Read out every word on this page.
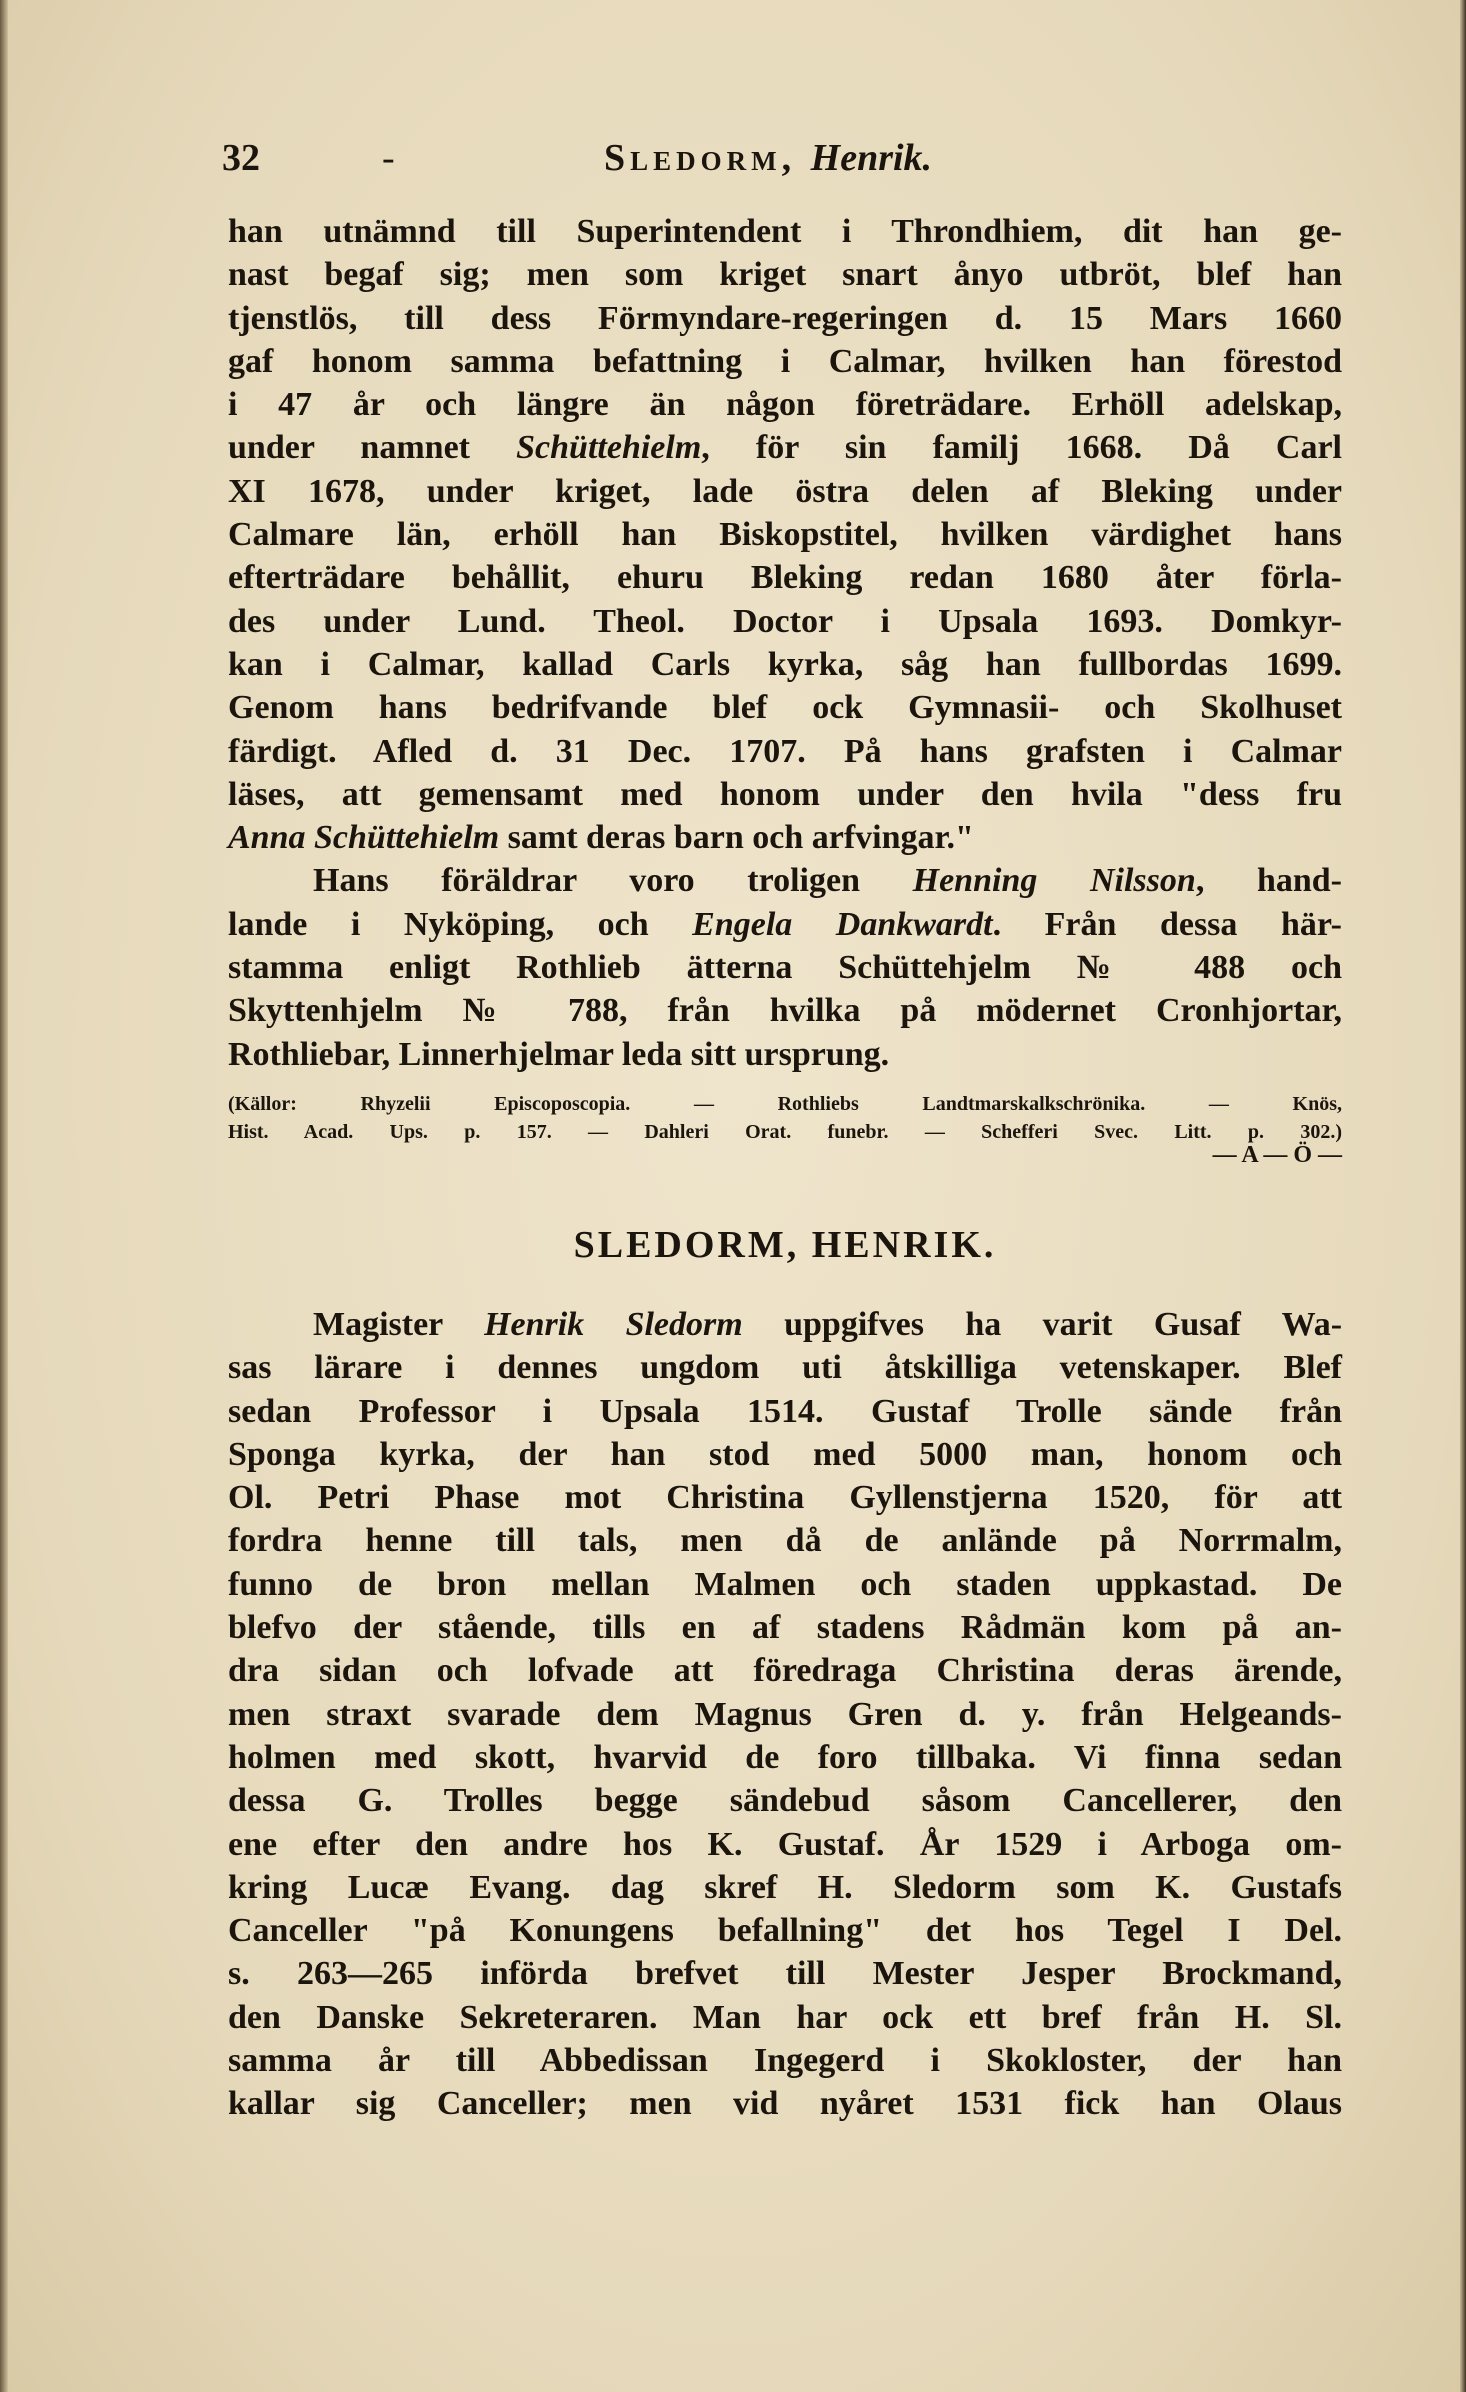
32	-	Sledorm, Henrik.

han utnämnd till Superintendent i Throndhiem, dit han ge-
nast begaf sig; men som kriget snart ånyo utbröt, blef han
tjenstlös, till dess Förmyndare-regeringen d. 15 Mars 1660
gaf honom samma befattning i Calmar, hvilken han förestod
i 47 år och längre än någon företrädare. Erhöll adelskap,
under namnet Schüttehielm, för sin familj 1668. Då Carl
XI 1678, under kriget, lade östra delen af Bleking under
Calmare län, erhöll han Biskopstitel, hvilken värdighet hans
efterträdare behållit, ehuru Bleking redan 1680 åter förla-
des under Lund. Theol. Doctor i Upsala 1693. Domkyr-
kan i Calmar, kallad Carls kyrka, såg han fullbordas 1699.
Genom hans bedrifvande blef ock Gymnasii- och Skolhuset
färdigt. Afled d. 31 Dec. 1707. På hans grafsten i Calmar
läses, att gemensamt med honom under den hvila "dess fru
Anna Schüttehielm samt deras barn och arfvingar."

Hans föräldrar voro troligen Henning Nilsson, hand-
lande i Nyköping, och Engela Dankwardt. Från dessa här-
stamma enligt Rothlieb ätterna Schüttehjelm № 488 och
Skyttenhjelm № 788, från hvilka på mödernet Cronhjortar,
Rothliebar, Linnerhjelmar leda sitt ursprung.

(Källor: Rhyzelii Episcoposcopia. — Rothliebs Landtmarskalkschrönika. — Knös,
Hist. Acad. Ups. p. 157. — Dahleri Orat. funebr. — Schefferi Svec. Litt. p. 302.)
— A — Ö —
SLEDORM, HENRIK.

Magister Henrik Sledorm uppgifves ha varit Gusaf Wa-
sas lärare i dennes ungdom uti åtskilliga vetenskaper. Blef
sedan Professor i Upsala 1514. Gustaf Trolle sände från
Sponga kyrka, der han stod med 5000 man, honom och
Ol. Petri Phase mot Christina Gyllenstjerna 1520, för att
fordra henne till tals, men då de anlände på Norrmalm,
funno de bron mellan Malmen och staden uppkastad. De
blefvo der stående, tills en af stadens Rådmän kom på an-
dra sidan och lofvade att föredraga Christina deras ärende,
men straxt svarade dem Magnus Gren d. y. från Helgeands-
holmen med skott, hvarvid de foro tillbaka. Vi finna sedan
dessa G. Trolles begge sändebud såsom Cancellerer, den
ene efter den andre hos K. Gustaf. År 1529 i Arboga om-
kring Lucæ Evang. dag skref H. Sledorm som K. Gustafs
Canceller "på Konungens befallning" det hos Tegel I Del.
s. 263—265 införda brefvet till Mester Jesper Brockmand,
den Danske Sekreteraren. Man har ock ett bref från H. Sl.
samma år till Abbedissan Ingegerd i Skokloster, der han
kallar sig Canceller; men vid nyåret 1531 fick han Olaus
